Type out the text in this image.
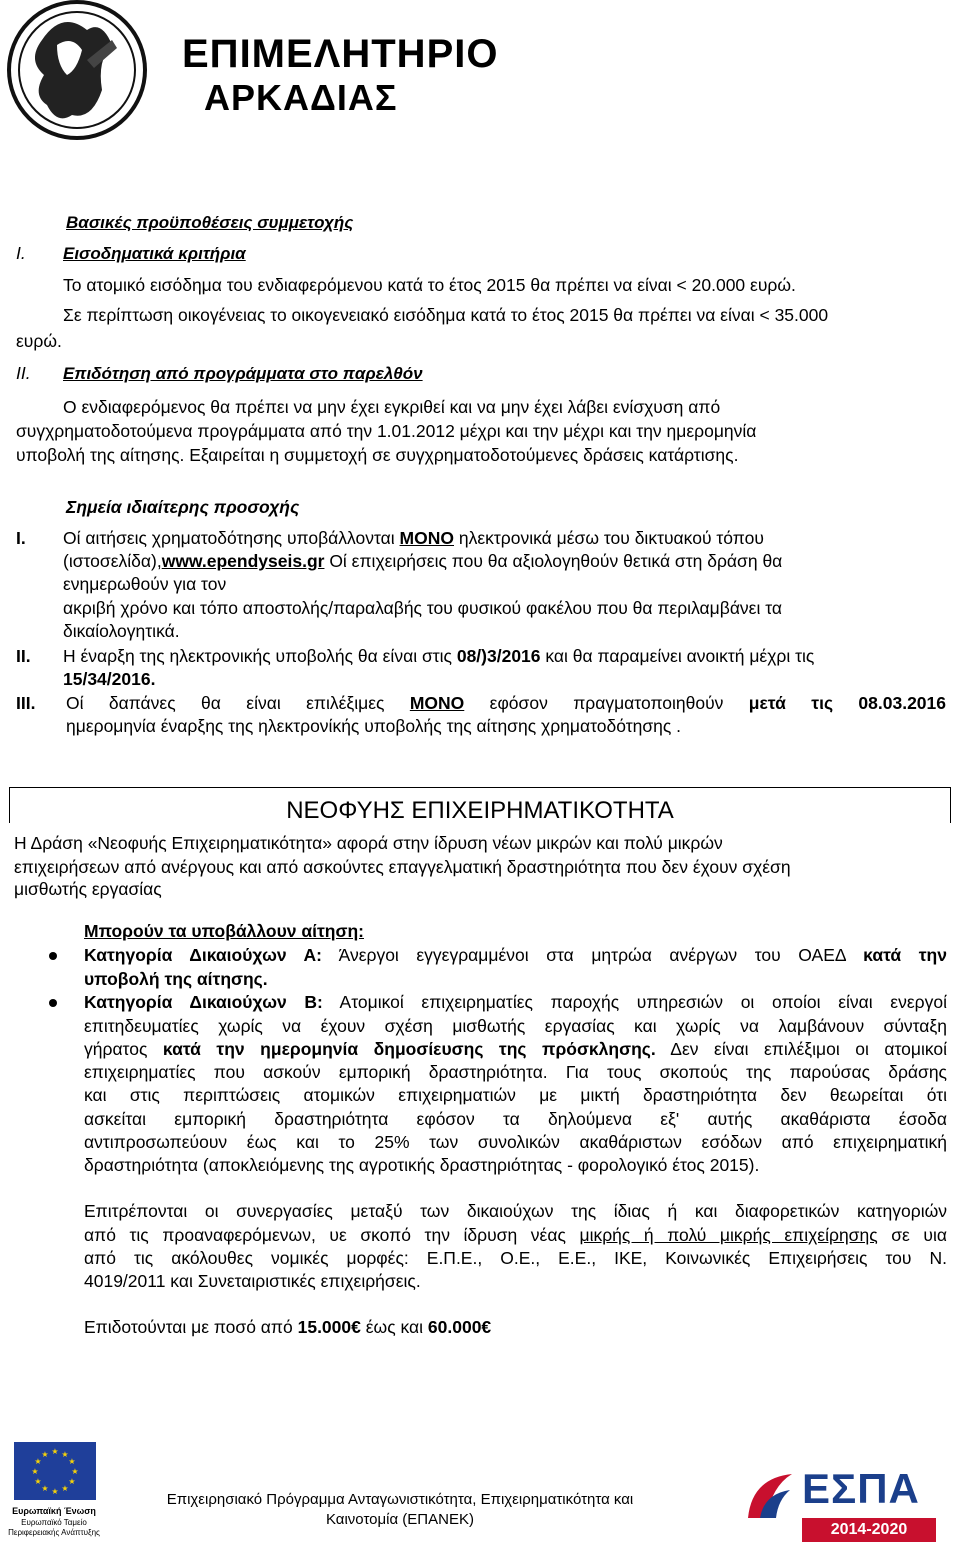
ΕΠΙΜΕΛΗΤΗΡΙΟ
ΑΡΚΑΔΙΑΣ
Βασικές προϋποθέσεις συμμετοχής
I. Εισοδηματικά κριτήρια
Το ατομικό εισόδημα του ενδιαφερόμενου κατά το έτος 2015 θα πρέπει να είναι < 20.000 ευρώ.
Σε περίπτωση οικογένειας το οικογενειακό εισόδημα κατά το έτος 2015 θα πρέπει να είναι < 35.000
ευρώ.
II. Επιδότηση από προγράμματα στο παρελθόν
Ο ενδιαφερόμενος θα πρέπει να μην έχει εγκριθεί και να μην έχει λάβει ενίσχυση από
συγχρηματοδοτούμενα προγράμματα από την 1.01.2012 μέχρι και την μέχρι και την ημερομηνία
υποβολή της αίτησης. Εξαιρείται η συμμετοχή σε συγχρηματοδοτούμενες δράσεις κατάρτισης.
Σημεία ιδιαίτερης προσοχής
I. Οί αιτήσεις χρηματοδότησης υποβάλλονται ΜΟΝΟ ηλεκτρονικά μέσω του δικτυακού τόπου
(ιστοσελίδα),www.ependyseis.gr Οί επιχειρήσεις που θα αξιολογηθούν θετικά στη δράση θα
ενημερωθούν για τον
ακριβή χρόνο και τόπο αποστολής/παραλαβής του φυσικού φακέλου που θα περιλαμβάνει τα
δικαίολογητικά.
II. Η έναρξη της ηλεκτρονικής υποβολής θα είναι στις 08/)3/2016 και θα παραμείνει ανοικτή μέχρι τις
15/34/2016.
III. Οί δαπάνες θα είναι επιλέξιμες ΜΟΝΟ εφόσον πραγματοποιηθούν μετά τις 08.03.2016
ημερομηνία έναρξης της ηλεκτρονίκής υποβολής της αίτησης χρηματοδότησης .
ΝΕΟΦΥΗΣ ΕΠΙΧΕΙΡΗΜΑΤΙΚΟΤΗΤΑ
Η Δράση «Νεοφυής Επιχειρηματικότητα» αφορά στην ίδρυση νέων μικρών και πολύ μικρών
επιχειρήσεων από ανέργους και από ασκούντες επαγγελματική δραστηριότητα που δεν έχουν σχέση
μισθωτής εργασίας
Μπορούν τα υποβάλλουν αίτηση:
Κατηγορία Δικαιούχων Α: Άνεργοι εγγεγραμμένοι στα μητρώα ανέργων του ΟΑΕΔ κατά την
υποβολή της αίτησης.
Κατηγορία Δικαιούχων Β: Ατομικοί επιχειρηματίες παροχής υπηρεσιών οι οποίοι είναι ενεργοί
επιτηδευματίες χωρίς να έχουν σχέση μισθωτής εργασίας και χωρίς να λαμβάνουν σύνταξη
γήρατος κατά την ημερομηνία δημοσίευσης της πρόσκλησης. Δεν είναι επιλέξιμοι οι ατομικοί
επιχειρηματίες που ασκούν εμπορική δραστηριότητα. Για τους σκοπούς της παρούσας δράσης
και στις περιπτώσεις ατομικών επιχειρηματιών με μικτή δραστηριότητα δεν θεωρείται ότι
ασκείται εμπορική δραστηριότητα εφόσον τα δηλούμενα εξ' αυτής ακαθάριστα έσοδα
αντιπροσωπεύουν έως και το 25% των συνολικών ακαθάριστων εσόδων από επιχειρηματική
δραστηριότητα (αποκλειόμενης της αγροτικής δραστηριότητας - φορολογικό έτος 2015).
Επιτρέπονται οι συνεργασίες μεταξύ των δικαιούχων της ίδιας ή και διαφορετικών κατηγοριών
από τις προαναφερόμενων, υε σκοπό την ίδρυση νέας μικρής ή πολύ μικρής επιχείρησης σε υια
από τις ακόλουθες νομικές μορφές: Ε.Π.Ε., Ο.Ε., Ε.Ε., ΙΚΕ, Κοινωνικές Επιχειρήσεις του Ν.
4019/2011 και Συνεταιριστικές επιχειρήσεις.
Επιδοτούνται με ποσό από 15.000€ έως και 60.000€
★ ★
★
★
★
★
★
★
★
★
★
★
Ευρωπαϊκή Ένωση
Ευρωπαϊκό Ταμείο
Περιφερειακής Ανάπτυξης
Επιχειρησιακό Πρόγραμμα Ανταγωνιστικότητα, Επιχειρηματικότητα και
Καινοτομία (ΕΠΑΝΕΚ)
ΕΣΠΑ
2014-2020
